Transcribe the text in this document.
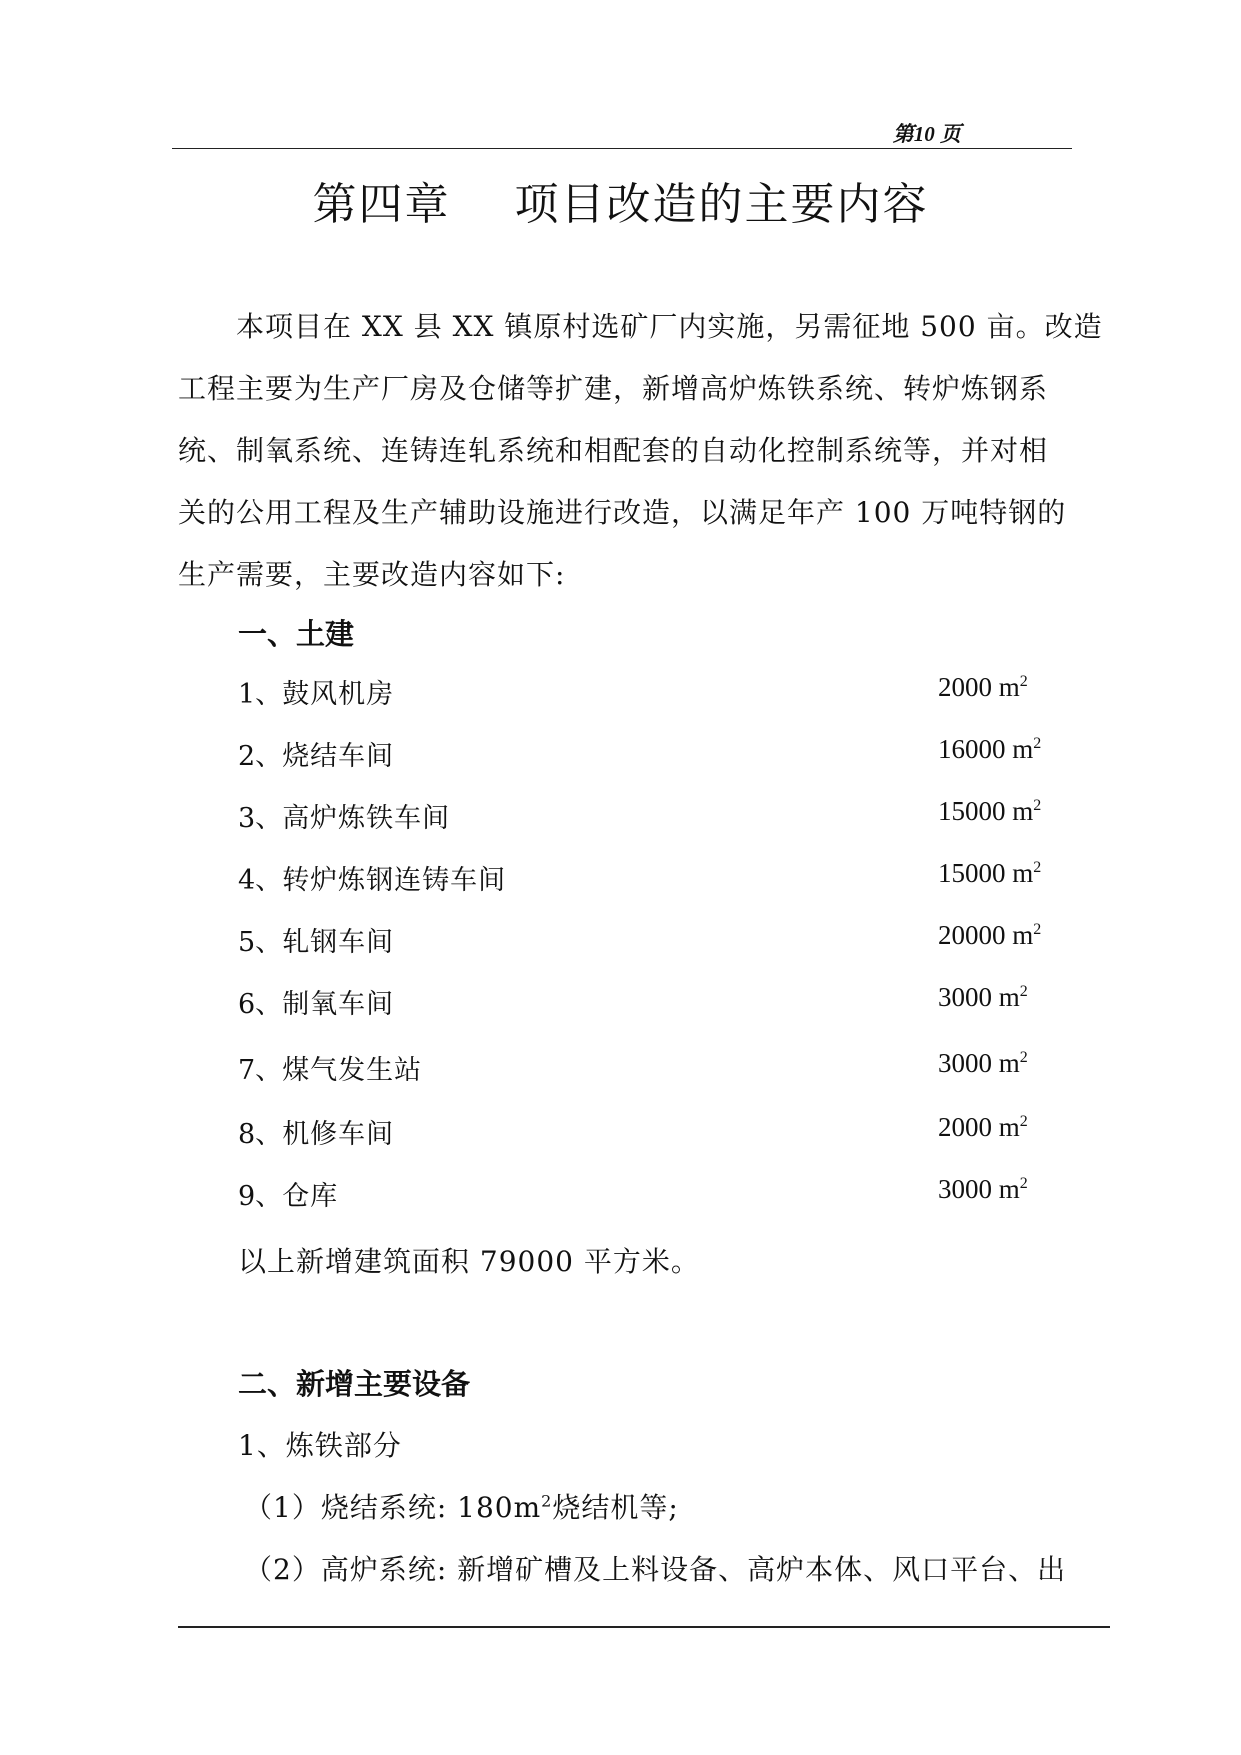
第10 页
第四章    项目改造的主要内容
　　本项目在 XX 县 XX 镇原村选矿厂内实施，另需征地 500 亩。改造
工程主要为生产厂房及仓储等扩建，新增高炉炼铁系统、转炉炼钢系
统、制氧系统、连铸连轧系统和相配套的自动化控制系统等，并对相
关的公用工程及生产辅助设施进行改造，以满足年产 100 万吨特钢的
生产需要，主要改造内容如下:
一、土建
1、鼓风机房	2000 $m^2$
2、烧结车间	16000 $m^2$
3、高炉炼铁车间	15000 $m^2$
4、转炉炼钢连铸车间	15000 $m^2$
5、轧钢车间	20000 $m^2$
6、制氧车间	3000 $m^2$
7、煤气发生站	3000 $m^2$
8、机修车间	2000 $m^2$
9、仓库	3000 $m^2$
以上新增建筑面积 79000 平方米。
二、新增主要设备
1、炼铁部分
（1）烧结系统: $180m^2$烧结机等;
（2）高炉系统: 新增矿槽及上料设备、高炉本体、风口平台、出
